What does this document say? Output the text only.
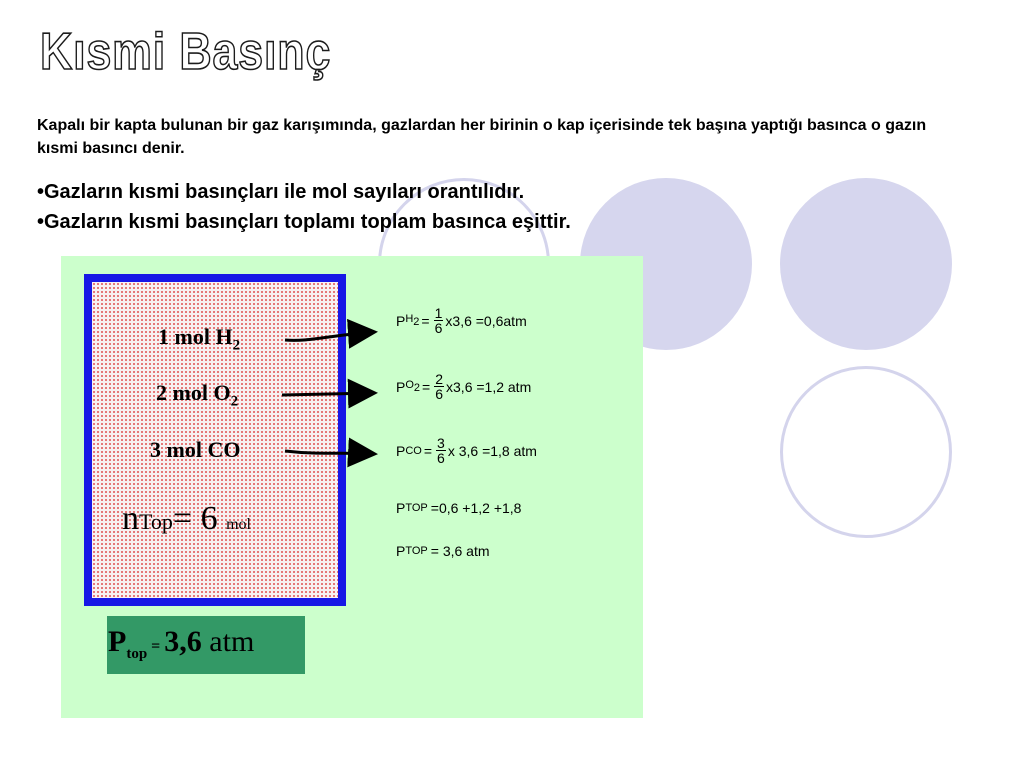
Kısmi Basınç

Kapalı bir kapta bulunan bir gaz karışımında, gazlardan her birinin o kap içerisinde tek başına yaptığı basınca o gazın kısmi basıncı denir.

•Gazların kısmi basınçları ile mol sayıları orantılıdır.
•Gazların kısmi basınçları toplamı toplam basınca eşittir.
1 mol $H_2$
2 mol $O_2$
3 mol CO
nTop= 6 mol
P $H_2 = \frac{1}{6} x3,6 =0,6atm$
P $O_2 = \frac{2}{6} x3,6 =1,2$ atm
P CO = $\frac{3}{6}$ x 3,6 =1,8 atm
P TOP =0,6 +1,2 +1,8
P TOP = 3,6 atm
$P_{top} = 3,6$ atm
